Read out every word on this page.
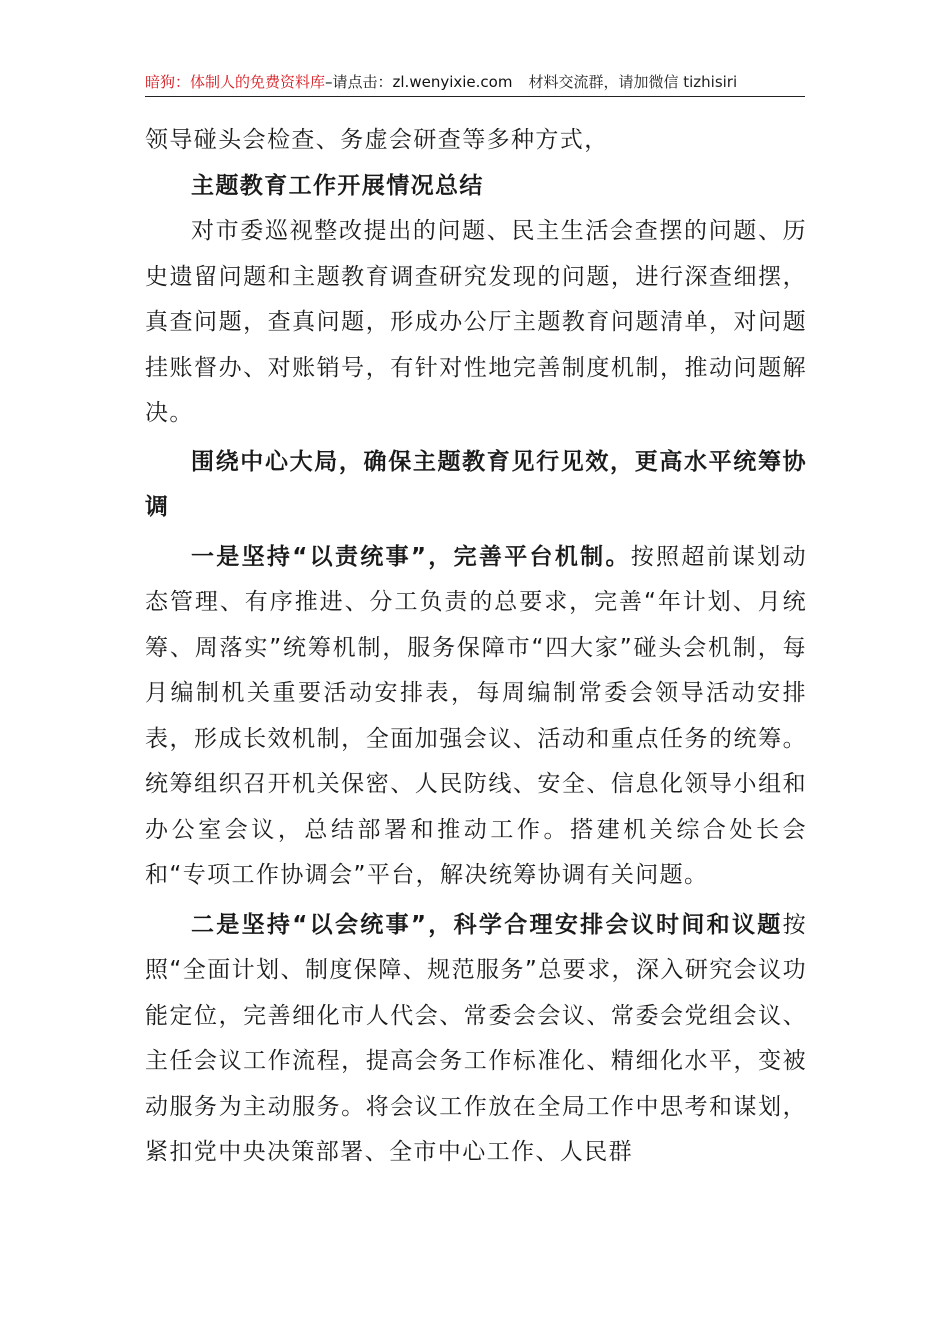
暗狗：体制人的免费资料库–请点击：zl.wenyixie.com 材料交流群，请加微信 tizhisiri

领导碰头会检查、务虚会研查等多种方式，

主题教育工作开展情况总结

对市委巡视整改提出的问题、民主生活会查摆的问题、历史遗留问题和主题教育调查研究发现的问题，进行深查细摆，真查问题，查真问题，形成办公厅主题教育问题清单，对问题挂账督办、对账销号，有针对性地完善制度机制，推动问题解决。

围绕中心大局，确保主题教育见行见效，更高水平统筹协调

一是坚持“以责统事”，完善平台机制。按照超前谋划动态管理、有序推进、分工负责的总要求，完善“年计划、月统筹、周落实”统筹机制，服务保障市“四大家”碰头会机制，每月编制机关重要活动安排表，每周编制常委会领导活动安排表，形成长效机制，全面加强会议、活动和重点任务的统筹。统筹组织召开机关保密、人民防线、安全、信息化领导小组和办公室会议，总结部署和推动工作。搭建机关综合处长会和“专项工作协调会”平台，解决统筹协调有关问题。

二是坚持“以会统事”，科学合理安排会议时间和议题按照“全面计划、制度保障、规范服务”总要求，深入研究会议功能定位，完善细化市人代会、常委会会议、常委会党组会议、主任会议工作流程，提高会务工作标准化、精细化水平，变被动服务为主动服务。将会议工作放在全局工作中思考和谋划，紧扣党中央决策部署、全市中心工作、人民群
